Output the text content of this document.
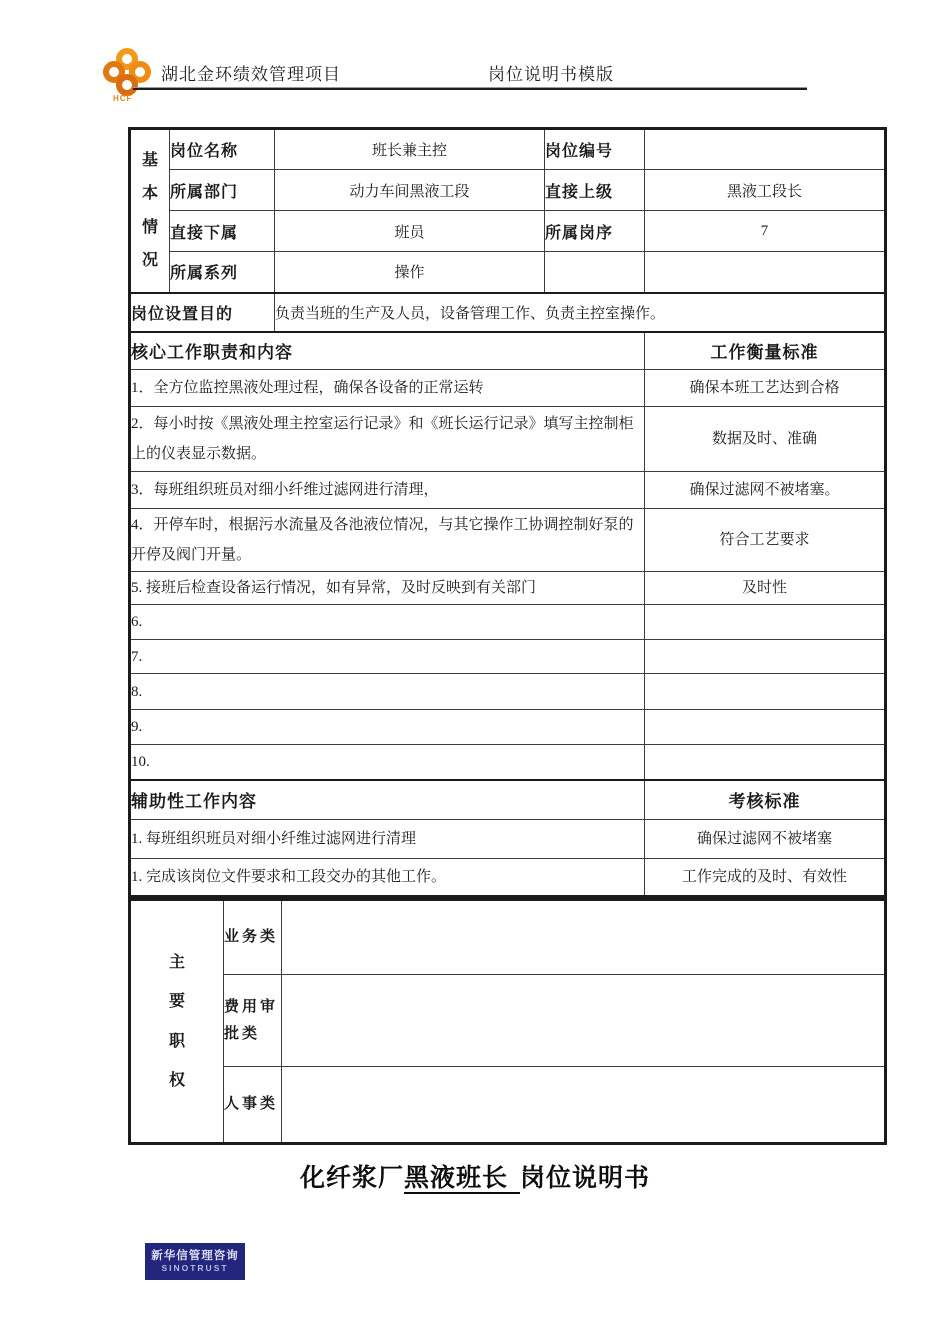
HCF
湖北金环绩效管理项目	岗位说明书模版
基本情况	岗位名称	班长兼主控	岗位编号	
	所属部门	动力车间黑液工段	直接上级	黑液工段长
	直接下属	班员	所属岗序	7
	所属系列	操作		
岗位设置目的		负责当班的生产及人员，设备管理工作、负责主控室操作。		
核心工作职责和内容				工作衡量标准
1．全方位监控黑液处理过程，确保各设备的正常运转				确保本班工艺达到合格
2．每小时按《黑液处理主控室运行记录》和《班长运行记录》填写主控制柜上的仪表显示数据。				数据及时、准确
3．每班组织班员对细小纤维过滤网进行清理，				确保过滤网不被堵塞。
4．开停车时，根据污水流量及各池液位情况，与其它操作工协调控制好泵的开停及阀门开量。				符合工艺要求
5. 接班后检查设备运行情况，如有异常，及时反映到有关部门				及时性
6.				
7.				
8.				
9.				
10.				
辅助性工作内容				考核标准
1. 每班组织班员对细小纤维过滤网进行清理				确保过滤网不被堵塞
1. 完成该岗位文件要求和工段交办的其他工作。				工作完成的及时、有效性
主要职权	业务类	
	费用审批类	
	人事类	
化纤浆厂黑液班长 岗位说明书
新华信管理咨询
SINOTRUST
